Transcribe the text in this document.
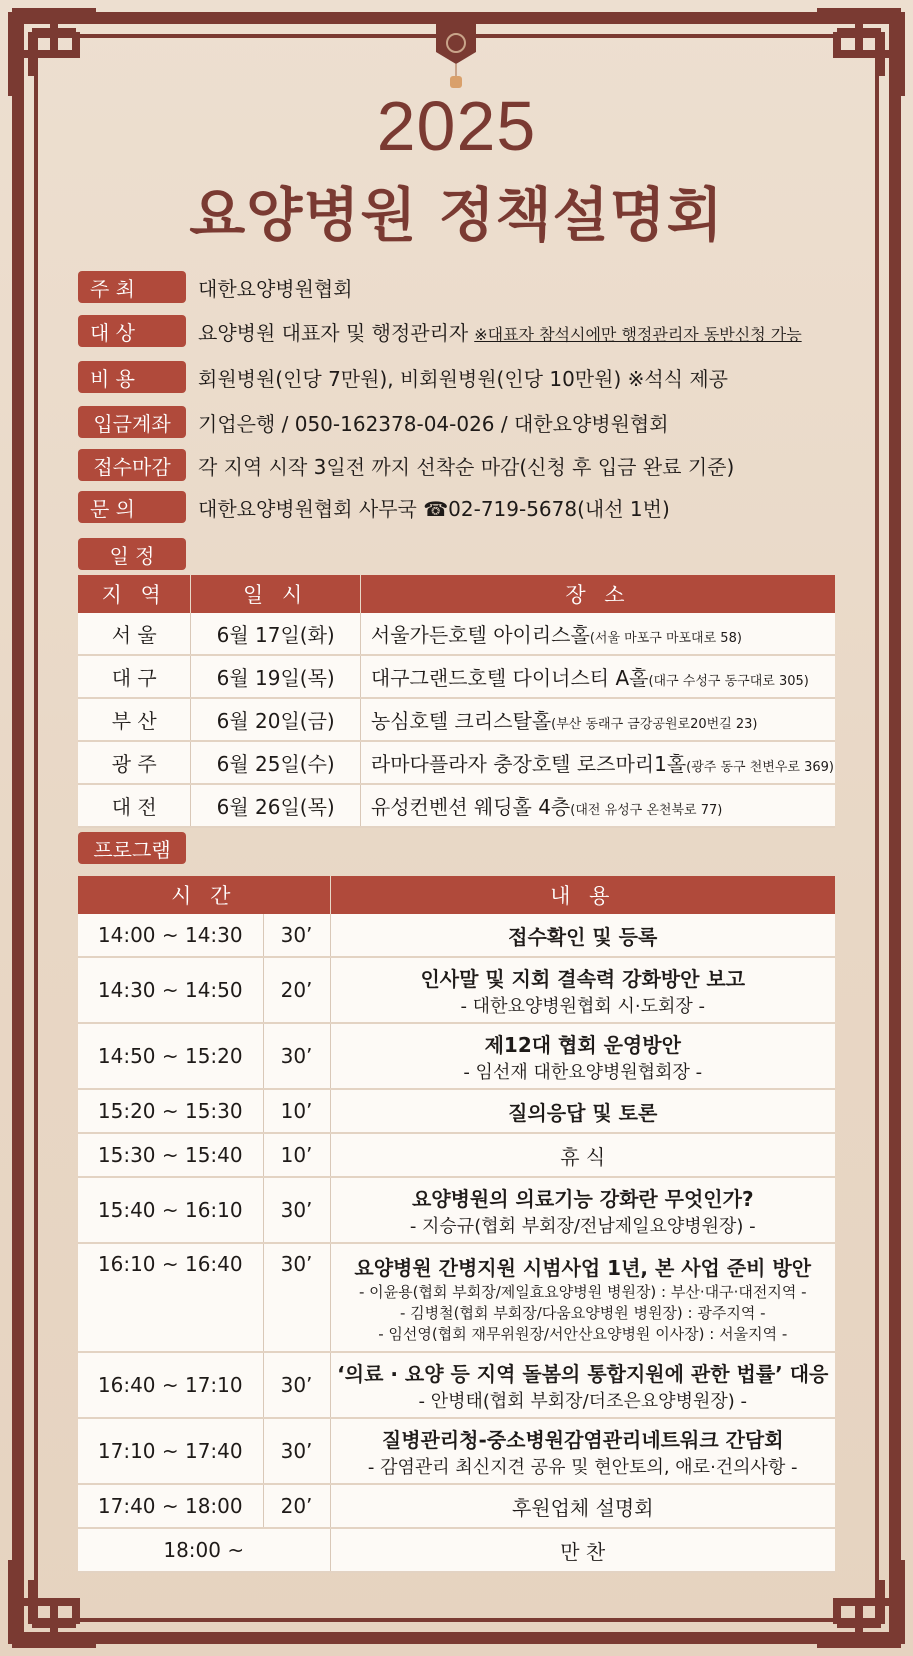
2025
요양병원 정책설명회
주 최	대한요양병원협회
대 상	요양병원 대표자 및 행정관리자 ※대표자 참석시에만 행정관리자 동반신청 가능
비 용	회원병원(인당 7만원), 비회원병원(인당 10만원) ※석식 제공
입금계좌 기업은행 / 050-162378-04-026 / 대한요양병원협회
접수마감 각 지역 시작 3일전 까지 선착순 마감(신청 후 입금 완료 기준)
문 의	대한요양병원협회 사무국 ☎02-719-5678(내선 1번)
일 정
지 역	일 시	장 소
서 울	6월 17일(화)	서울가든호텔 아이리스홀(서울 마포구 마포대로 58)
대 구	6월 19일(목)	대구그랜드호텔 다이너스티 A홀(대구 수성구 동구대로 305)
부 산	6월 20일(금)	농심호텔 크리스탈홀(부산 동래구 금강공원로20번길 23)
광 주	6월 25일(수)	라마다플라자 충장호텔 로즈마리1홀(광주 동구 천변우로 369)
대 전	6월 26일(목)	유성컨벤션 웨딩홀 4층(대전 유성구 온천북로 77)
프로그램
시 간		내 용
14:00 ~ 14:30	30’	접수확인 및 등록
14:30 ~ 14:50	20’	인사말 및 지회 결속력 강화방안 보고
- 대한요양병원협회 시·도회장 -

14:50 ~ 15:20	30’	제12대 협회 운영방안
- 임선재 대한요양병원협회장 -

15:20 ~ 15:30	10’	질의응답 및 토론
15:30 ~ 15:40	10’	휴 식
15:40 ~ 16:10	30’	요양병원의 의료기능 강화란 무엇인가?
- 지승규(협회 부회장/전남제일요양병원장) -

16:10 ~ 16:40	30’	요양병원 간병지원 시범사업 1년, 본 사업 준비 방안
- 이윤용(협회 부회장/제일효요양병원 병원장) : 부산·대구·대전지역 -
- 김병철(협회 부회장/다움요양병원 병원장) : 광주지역 -
- 임선영(협회 재무위원장/서안산요양병원 이사장) : 서울지역 -

16:40 ~ 17:10	30’	‘의료 · 요양 등 지역 돌봄의 통합지원에 관한 법률’ 대응
- 안병태(협회 부회장/더조은요양병원장) -

17:10 ~ 17:40	30’	질병관리청-중소병원감염관리네트워크 간담회
- 감염관리 최신지견 공유 및 현안토의, 애로·건의사항 -

17:40 ~ 18:00	20’	후원업체 설명회
18:00 ~		만 찬
